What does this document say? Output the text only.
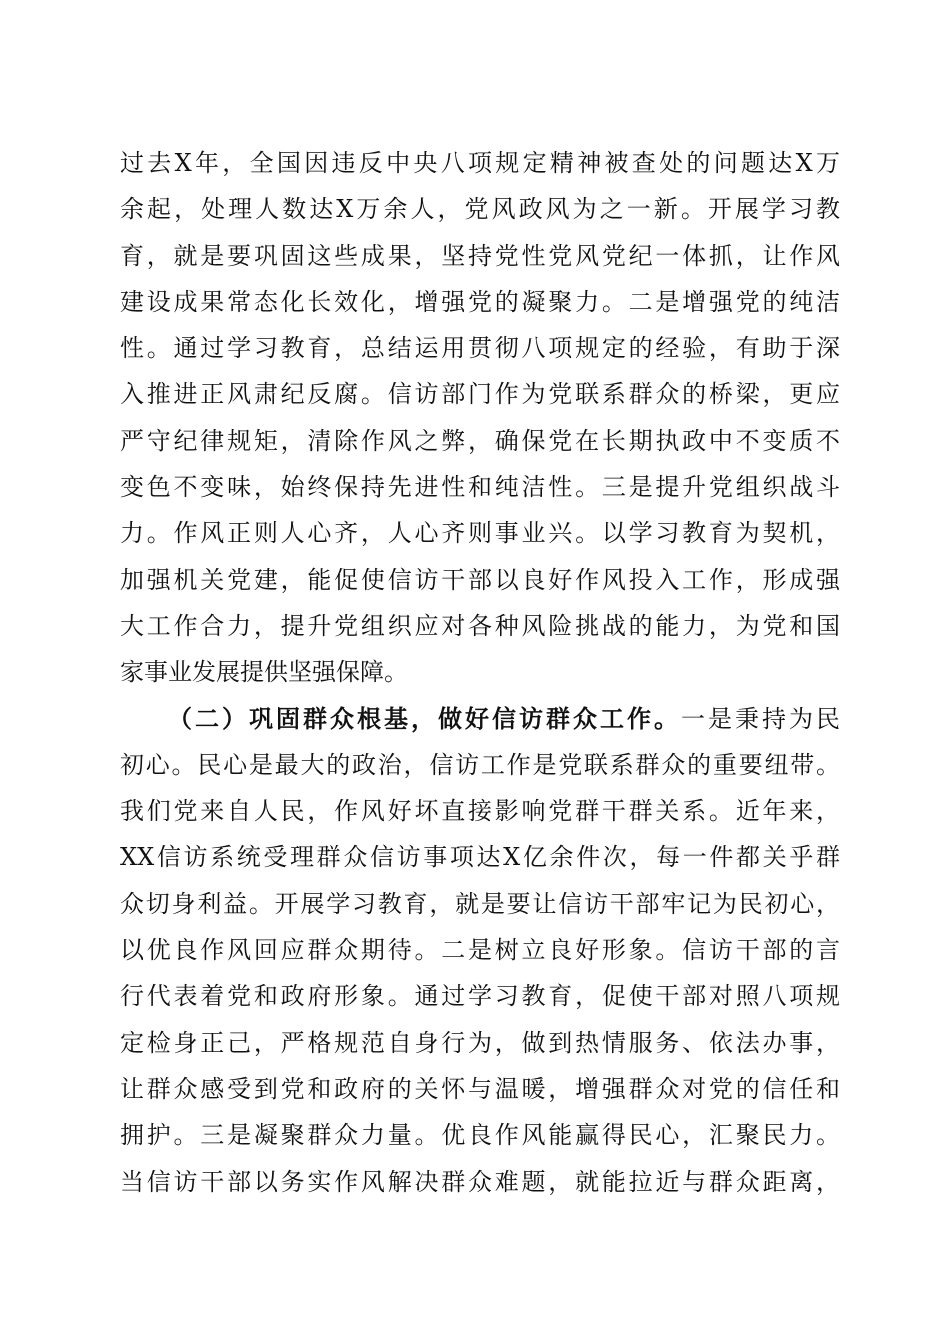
过去X年，全国因违反中央八项规定精神被查处的问题达X万
余起，处理人数达X万余人，党风政风为之一新。开展学习教
育，就是要巩固这些成果，坚持党性党风党纪一体抓，让作风
建设成果常态化长效化，增强党的凝聚力。二是增强党的纯洁
性。通过学习教育，总结运用贯彻八项规定的经验，有助于深
入推进正风肃纪反腐。信访部门作为党联系群众的桥梁，更应
严守纪律规矩，清除作风之弊，确保党在长期执政中不变质不
变色不变味，始终保持先进性和纯洁性。三是提升党组织战斗
力。作风正则人心齐，人心齐则事业兴。以学习教育为契机，
加强机关党建，能促使信访干部以良好作风投入工作，形成强
大工作合力，提升党组织应对各种风险挑战的能力，为党和国
家事业发展提供坚强保障。
（二）巩固群众根基，做好信访群众工作。一是秉持为民
初心。民心是最大的政治，信访工作是党联系群众的重要纽带。
我们党来自人民，作风好坏直接影响党群干群关系。近年来，
XX信访系统受理群众信访事项达X亿余件次，每一件都关乎群
众切身利益。开展学习教育，就是要让信访干部牢记为民初心，
以优良作风回应群众期待。二是树立良好形象。信访干部的言
行代表着党和政府形象。通过学习教育，促使干部对照八项规
定检身正己，严格规范自身行为，做到热情服务、依法办事，
让群众感受到党和政府的关怀与温暖，增强群众对党的信任和
拥护。三是凝聚群众力量。优良作风能赢得民心，汇聚民力。
当信访干部以务实作风解决群众难题，就能拉近与群众距离，
